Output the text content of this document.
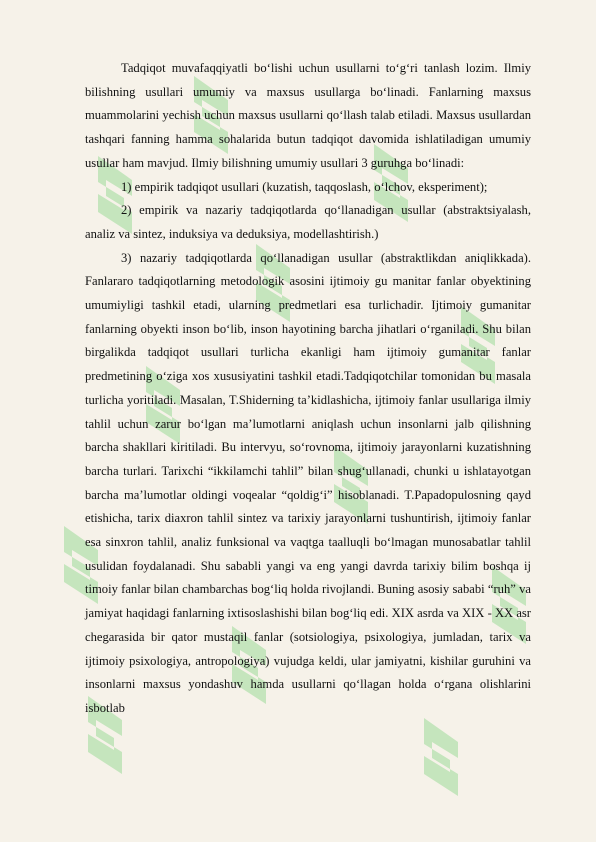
Tadqiqot muvafaqqiyatli bo‘lishi uchun usullarni to‘g‘ri tanlash lozim. Ilmiy bilishning usullari umumiy va maxsus usullarga bo‘linadi. Fanlarning maxsus muammolarini yechish uchun maxsus usullarni qo‘llash talab etiladi. Maxsus usullardan tashqari fanning hamma sohalarida butun tadqiqot davomida ishlatiladigan umumiy usullar ham mavjud. Ilmiy bilishning umumiy usullari 3 guruhga bo‘linadi:

1) empirik tadqiqot usullari (kuzatish, taqqoslash, o‘lchov, eksperiment);

2) empirik va nazariy tadqiqotlarda qo‘llanadigan usullar (abstraktsiyalash, analiz va sintez, induksiya va deduksiya, modellashtirish.)

3) nazariy tadqiqotlarda qo‘llanadigan usullar (abstraktlikdan aniqlikkada). Fanlararo tadqiqotlarning metodologik asosini ijtimoiy gu manitar fanlar obyektining umumiyligi tashkil etadi, ularning predmetlari esa turlichadir. Ijtimoiy gumanitar fanlarning obyekti inson bo‘lib, inson hayotining barcha jihatlari o‘rganiladi. Shu bilan birgalikda tadqiqot usullari turlicha ekanligi ham ijtimoiy gumanitar fanlar predmetining o‘ziga xos xususiyatini tashkil etadi.Tadqiqotchilar tomonidan bu masala turlicha yoritiladi. Masalan, T.Shiderning ta’kidlashicha, ijtimoiy fanlar usullariga ilmiy tahlil uchun zarur bo‘lgan ma’lumotlarni aniqlash uchun insonlarni jalb qilishning barcha shakllari kiritiladi. Bu intervyu, so‘rovnoma, ijtimoiy jarayonlarni kuzatishning barcha turlari. Tarixchi “ikkilamchi tahlil” bilan shug‘ullanadi, chunki u ishlatayotgan barcha ma’lumotlar oldingi voqealar “qoldig‘i” hisoblanadi. T.Papadopulosning qayd etishicha, tarix diaxron tahlil sintez va tarixiy jarayonlarni tushuntirish, ijtimoiy fanlar esa sinxron tahlil, analiz funksional va vaqtga taalluqli bo‘lmagan munosabatlar tahlil usulidan foydalanadi. Shu sababli yangi va eng yangi davrda tarixiy bilim boshqa ij timoiy fanlar bilan chambarchas bog‘liq holda rivojlandi. Buning asosiy sababi “ruh” va jamiyat haqidagi fanlarning ixtisoslashishi bilan bog‘liq edi. XIX asrda va XIX - XX asr chegarasida bir qator mustaqil fanlar (sotsiologiya, psixologiya, jumladan, tarix va ijtimoiy psixologiya, antropologiya) vujudga keldi, ular jamiyatni, kishilar guruhini va insonlarni maxsus yondashuv hamda usullarni qo‘llagan holda o‘rgana olishlarini isbotlab
